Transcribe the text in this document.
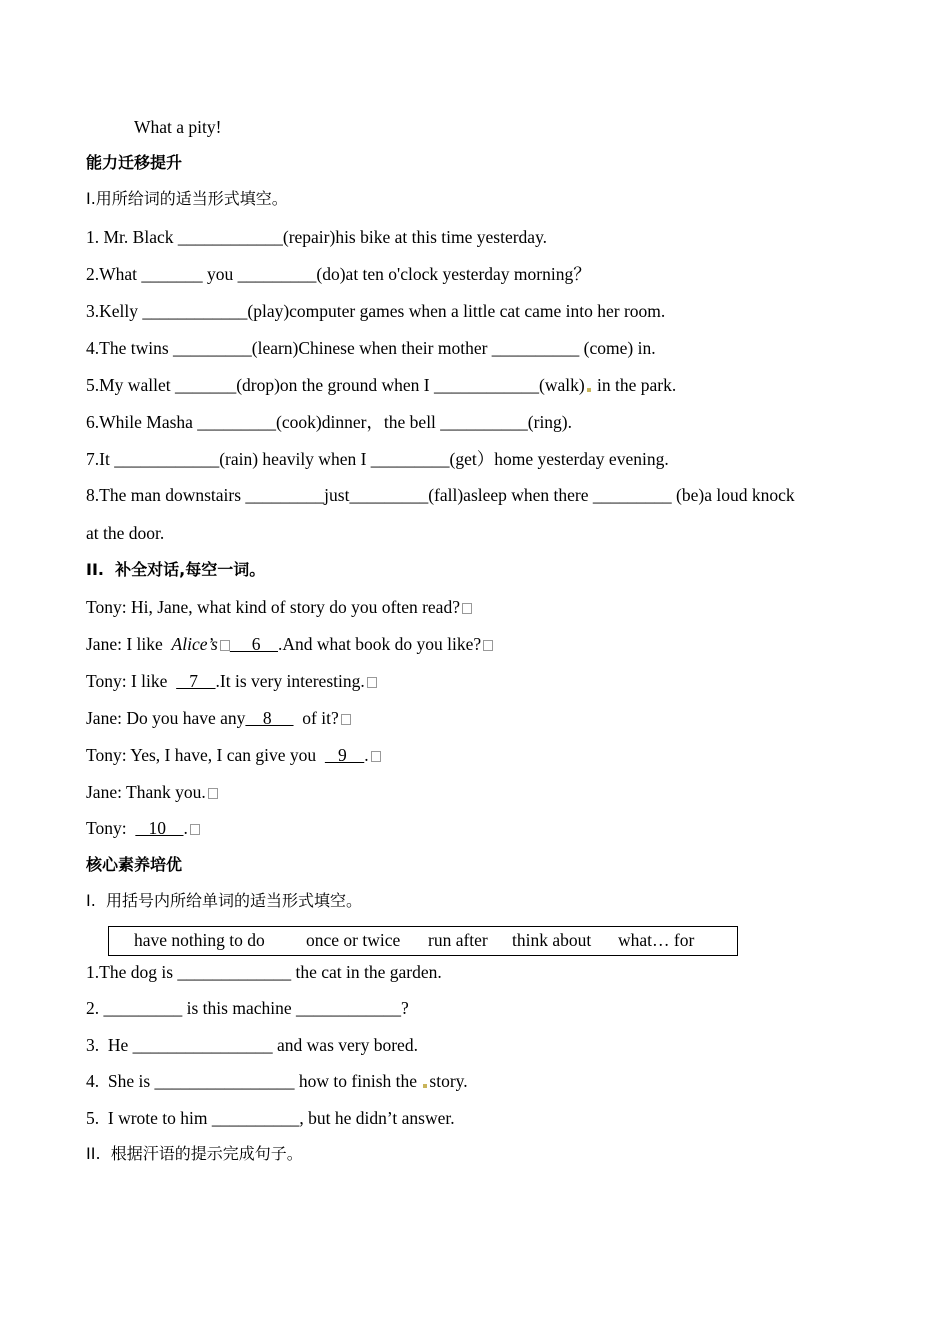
What a pity!
能力迁移提升
I.用所给词的适当形式填空。
1. Mr. Black ____________(repair)his bike at this time yesterday.
2.What _______ you _________(do)at ten o'clock yesterday morning？
3.Kelly ____________(play)computer games when a little cat came into her room.
4.The twins _________(learn)Chinese when their mother __________ (come) in.
5.My wallet _______(drop)on the ground when I ____________(walk) in the park.
6.While Masha _________(cook)dinner，the bell __________(ring).
7.It ____________(rain) heavily when I _________(get）home yesterday evening.
8.The man downstairs _________just_________(fall)asleep when there _________ (be)a loud knock
at the door.
II.  补全对话,每空一词。
Tony: Hi, Jane, what kind of story do you often read?
Jane: I like  Alice’s     6    .And what book do you like?
Tony: I like     7    .It is very interesting.
Jane: Do you have any    8       of it?
Tony: Yes, I have, I can give you     9    .
Jane: Thank you.
Tony:     10    .
核心素养培优
I.  用括号内所给单词的适当形式填空。
have nothing to do once or twice run after think about what… for
1.The dog is _____________ the cat in the garden.
2. _________ is this machine ____________?
3.  He ________________ and was very bored.
4.  She is ________________ how to finish the story.
5.  I wrote to him __________, but he didn’t answer.
II.  根据汗语的提示完成句子。
